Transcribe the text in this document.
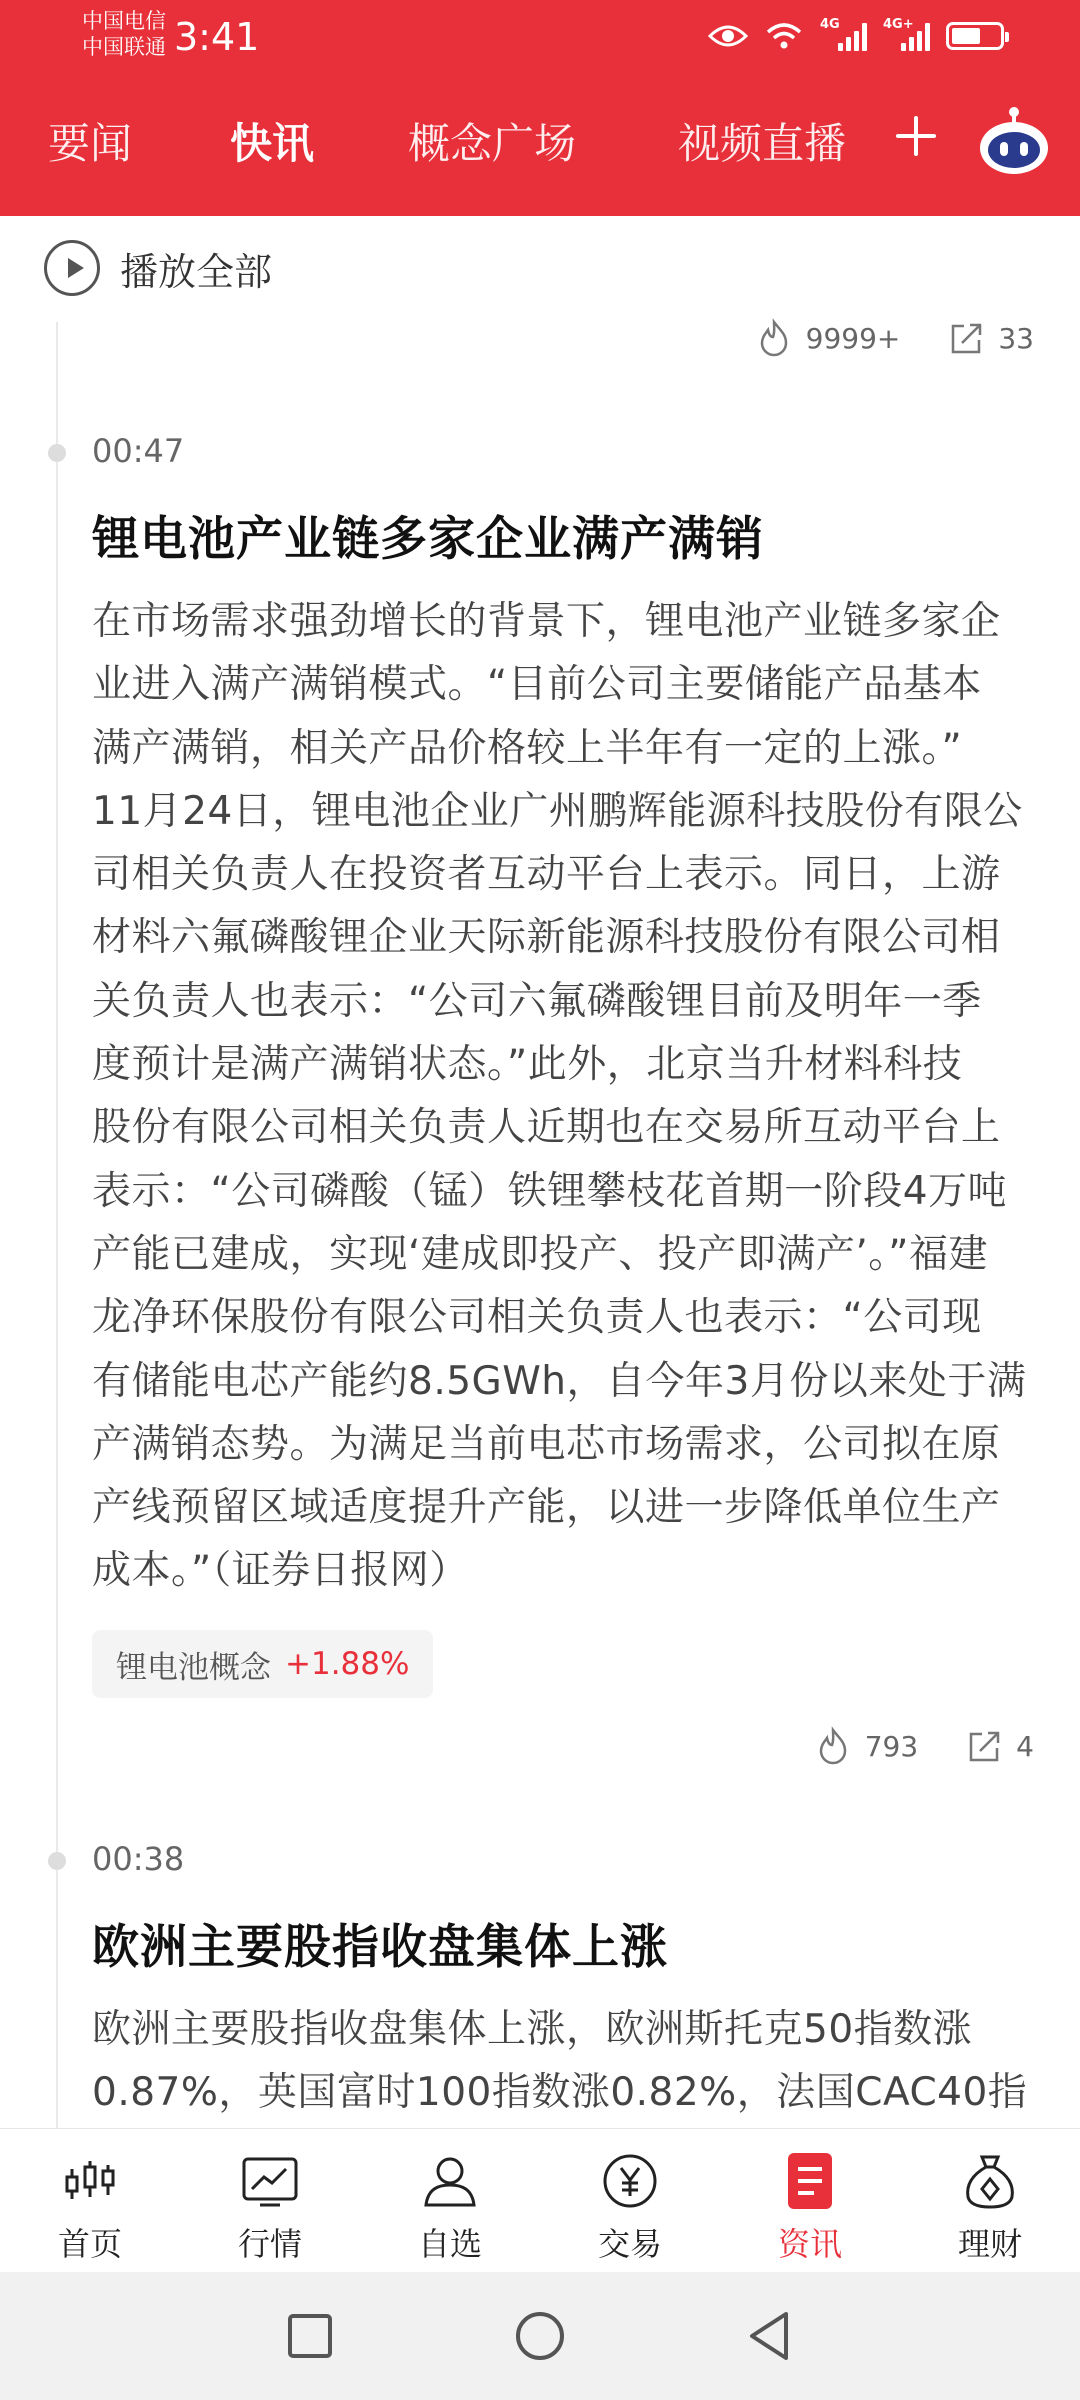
中国电信
中国联通 3:41	4G	4G+
要闻 快讯 概念广场 视频直播
播放全部
9999+	33
00:47
锂电池产业链多家企业满产满销
在市场需求强劲增长的背景下，锂电池产业链多家企
业进入满产满销模式。“目前公司主要储能产品基本
满产满销，相关产品价格较上半年有一定的上涨。”
11月24日，锂电池企业广州鹏辉能源科技股份有限公
司相关负责人在投资者互动平台上表示。同日，上游
材料六氟磷酸锂企业天际新能源科技股份有限公司相
关负责人也表示：“公司六氟磷酸锂目前及明年一季
度预计是满产满销状态。”此外，北京当升材料科技
股份有限公司相关负责人近期也在交易所互动平台上
表示：“公司磷酸（锰）铁锂攀枝花首期一阶段4万吨
产能已建成，实现‘建成即投产、投产即满产’。”福建
龙净环保股份有限公司相关负责人也表示：“公司现
有储能电芯产能约8.5GWh，自今年3月份以来处于满
产满销态势。为满足当前电芯市场需求，公司拟在原
产线预留区域适度提升产能，以进一步降低单位生产
成本。”（证券日报网）
锂电池概念 +1.88%
793	4
00:38
欧洲主要股指收盘集体上涨
欧洲主要股指收盘集体上涨，欧洲斯托克50指数涨
0.87%，英国富时100指数涨0.82%，法国CAC40指
首页	行情	自选	交易	资讯	理财
